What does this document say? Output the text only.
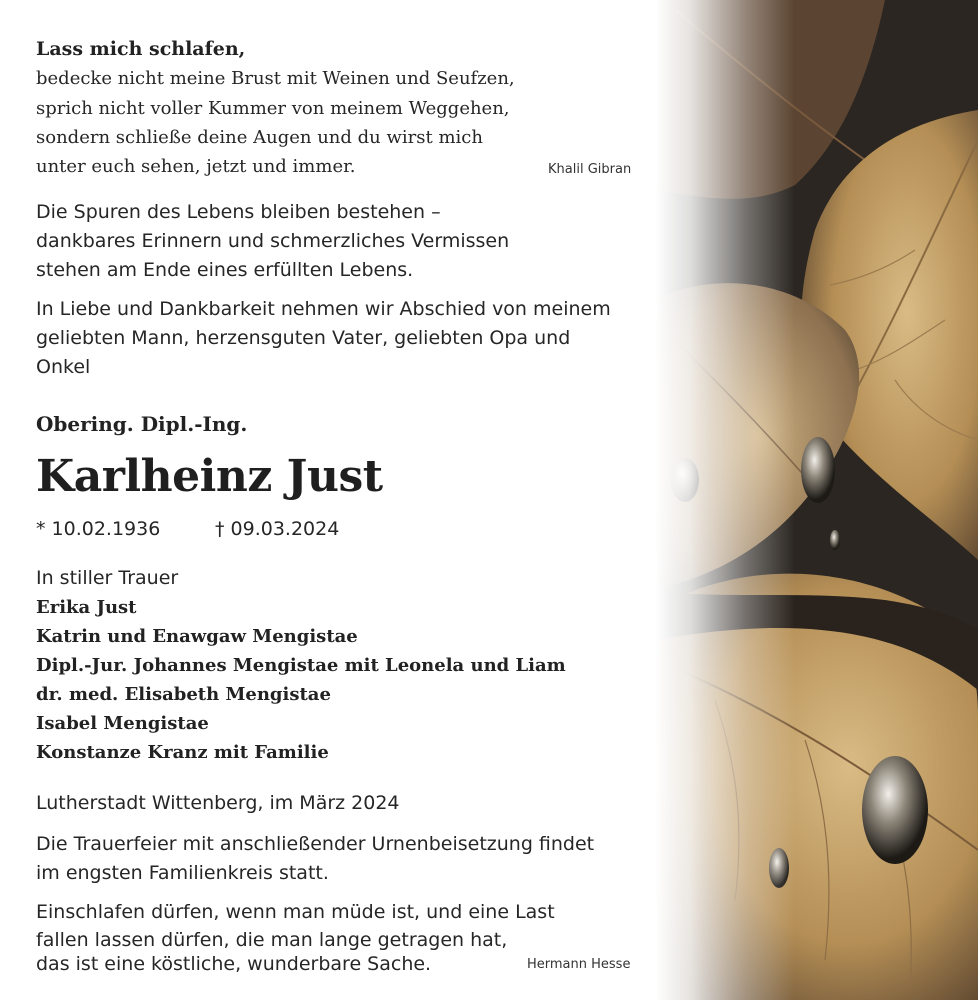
Lass mich schlafen,

bedecke nicht meine Brust mit Weinen und Seufzen,

sprich nicht voller Kummer von meinem Weggehen,

sondern schließe deine Augen und du wirst mich

unter euch sehen, jetzt und immer.	Khalil Gibran

Die Spuren des Lebens bleiben bestehen –

dankbares Erinnern und schmerzliches Vermissen

stehen am Ende eines erfüllten Lebens.

In Liebe und Dankbarkeit nehmen wir Abschied von meinem

geliebten Mann, herzensguten Vater, geliebten Opa und

Onkel

Obering. Dipl.-Ing.

Karlheinz Just

* 10.02.1936	† 09.03.2024

In stiller Trauer

Erika Just

Katrin und Enawgaw Mengistae

Dipl.-Jur. Johannes Mengistae mit Leonela und Liam

dr. med. Elisabeth Mengistae

Isabel Mengistae

Konstanze Kranz mit Familie

Lutherstadt Wittenberg, im März 2024

Die Trauerfeier mit anschließender Urnenbeisetzung findet

im engsten Familienkreis statt.

Einschlafen dürfen, wenn man müde ist, und eine Last

fallen lassen dürfen, die man lange getragen hat,

das ist eine köstliche, wunderbare Sache.	Hermann Hesse
